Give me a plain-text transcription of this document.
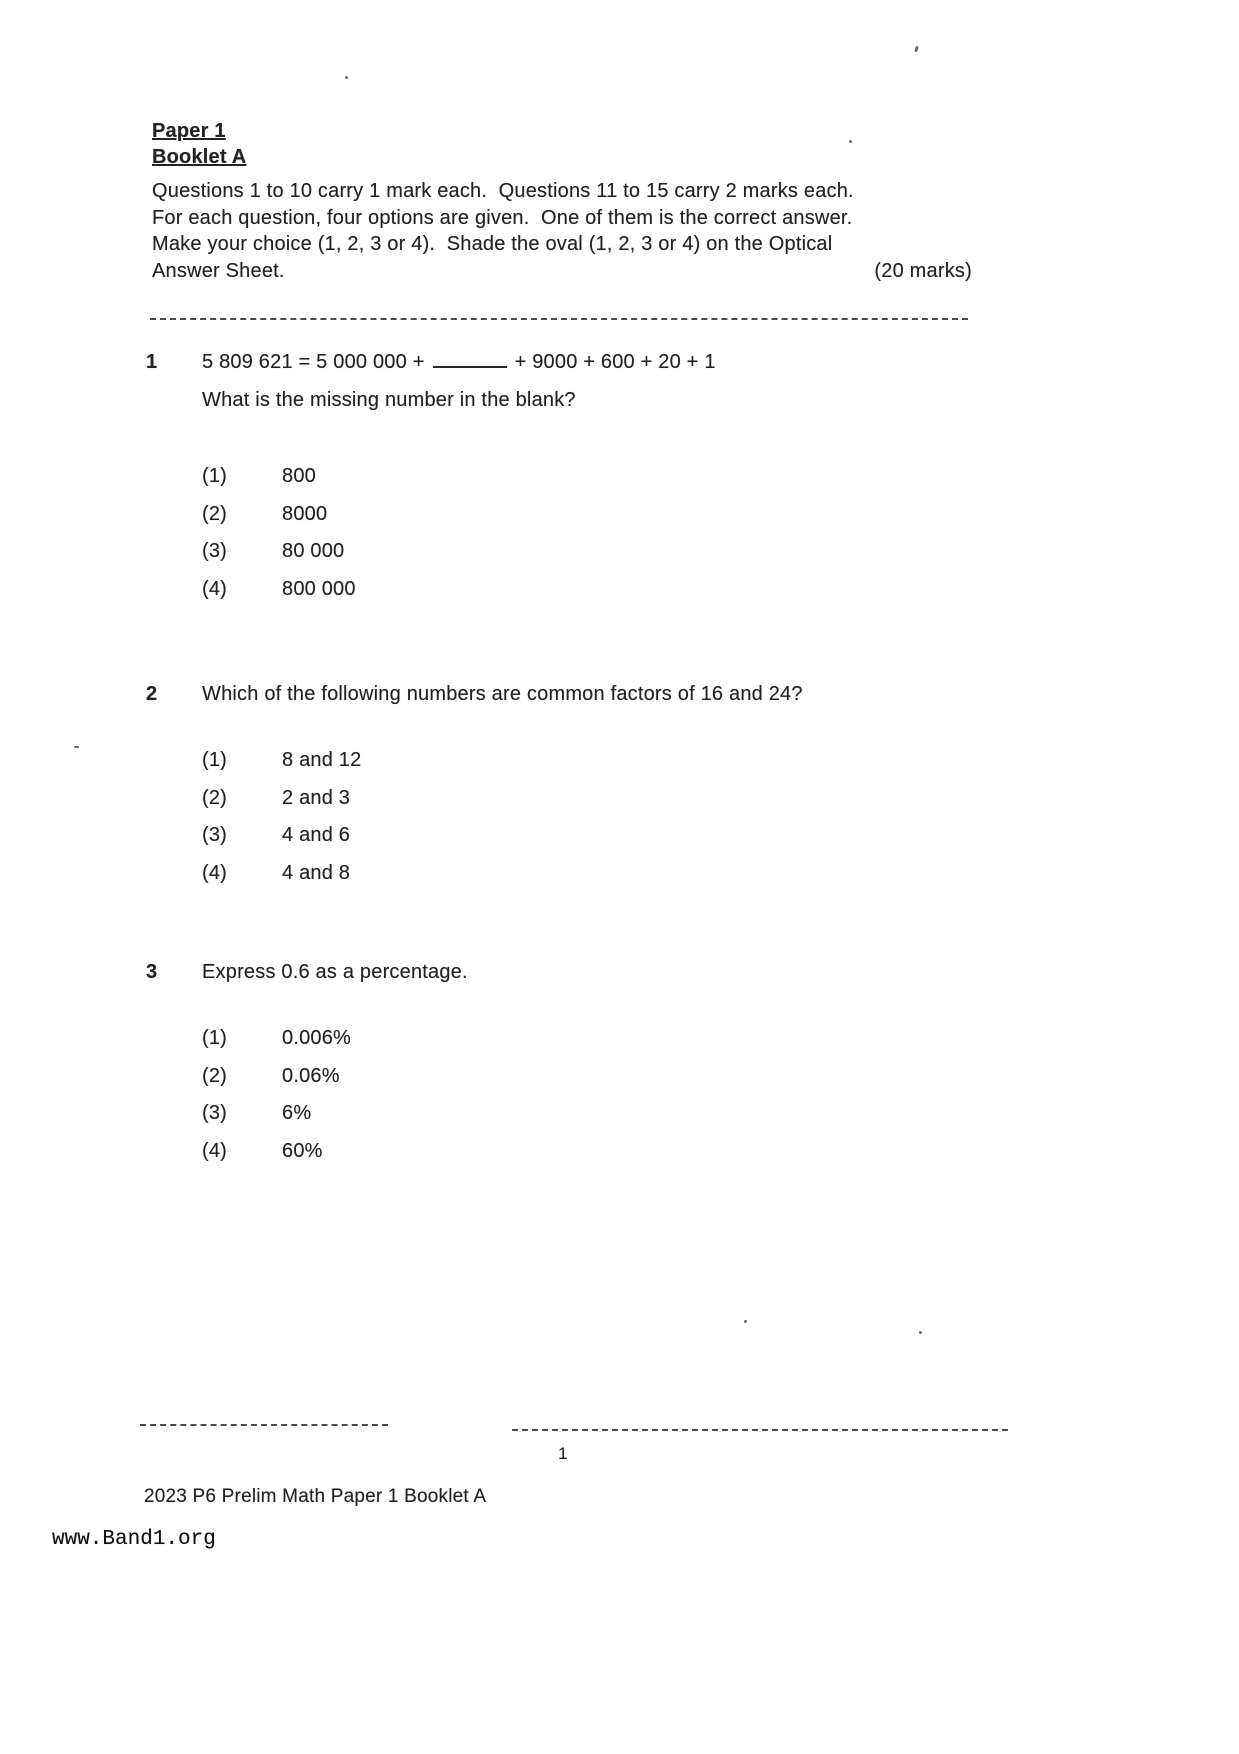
Paper 1
Booklet A
Questions 1 to 10 carry 1 mark each.  Questions 11 to 15 carry 2 marks each.
For each question, four options are given.  One of them is the correct answer.
Make your choice (1, 2, 3 or 4).  Shade the oval (1, 2, 3 or 4) on the Optical
Answer Sheet.	(20 marks)
1	5 809 621 = 5 000 000 +	+ 9000 + 600 + 20 + 1
What is the missing number in the blank?
(1)	800
(2)	8000
(3)	80 000
(4)	800 000
2	Which of the following numbers are common factors of 16 and 24?
(1)	8 and 12
(2)	2 and 3
(3)	4 and 6
(4)	4 and 8
3	Express 0.6 as a percentage.
(1)	0.006%
(2)	0.06%
(3)	6%
(4)	60%
1
2023 P6 Prelim Math Paper 1 Booklet A
www.Band1.org
